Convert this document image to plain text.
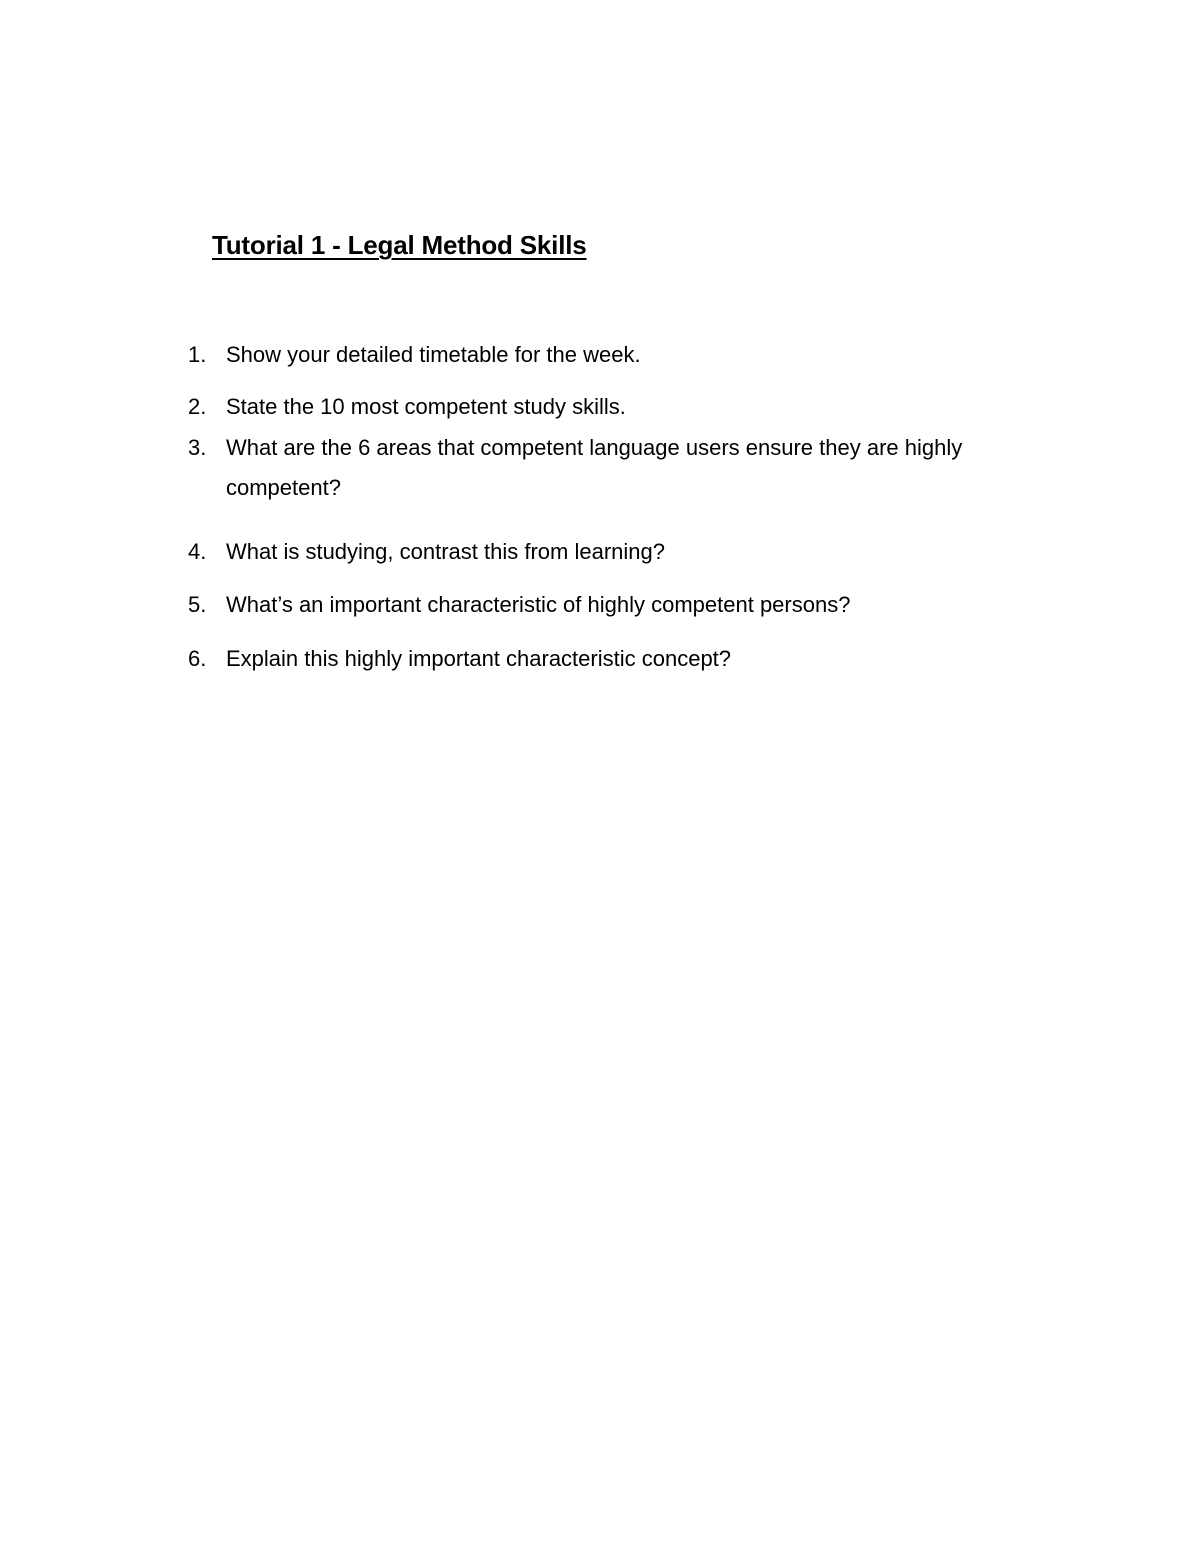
Tutorial 1 - Legal Method Skills
1. Show your detailed timetable for the week.
2. State the 10 most competent study skills.
3. What are the 6 areas that competent language users ensure they are highly competent?
4. What is studying, contrast this from learning?
5. What’s an important characteristic of highly competent persons?
6. Explain this highly important characteristic concept?
